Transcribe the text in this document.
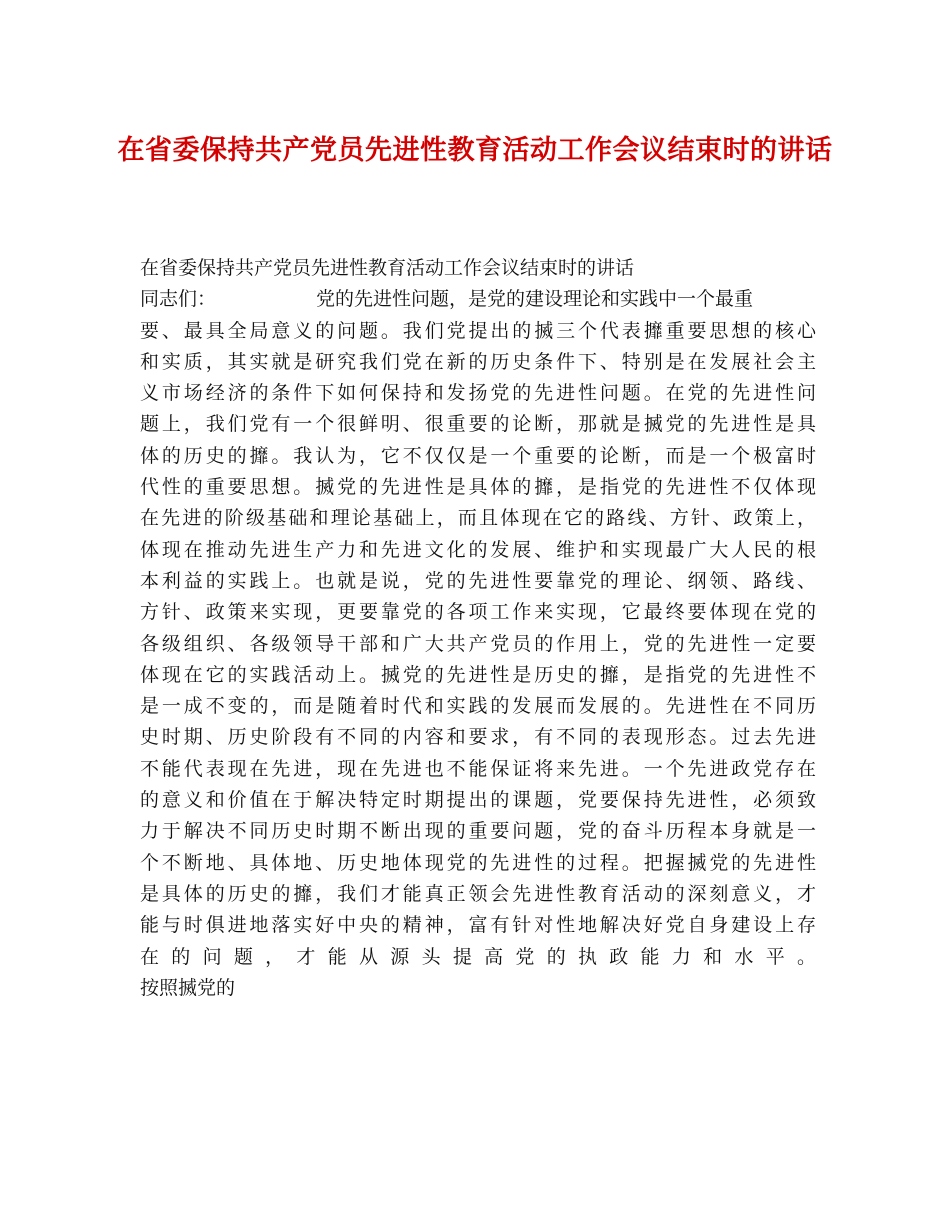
在省委保持共产党员先进性教育活动工作会议结束时的讲话
在省委保持共产党员先进性教育活动工作会议结束时的讲话
同志们：	党的先进性问题，是党的建设理论和实践中一个最重
要、最具全局意义的问题。我们党提出的搣三个代表攠重要思想的核心
和实质，其实就是研究我们党在新的历史条件下、特别是在发展社会主
义市场经济的条件下如何保持和发扬党的先进性问题。在党的先进性问
题上，我们党有一个很鲜明、很重要的论断，那就是搣党的先进性是具
体的历史的攠。我认为，它不仅仅是一个重要的论断，而是一个极富时
代性的重要思想。搣党的先进性是具体的攠，是指党的先进性不仅体现
在先进的阶级基础和理论基础上，而且体现在它的路线、方针、政策上，
体现在推动先进生产力和先进文化的发展、维护和实现最广大人民的根
本利益的实践上。也就是说，党的先进性要靠党的理论、纲领、路线、
方针、政策来实现，更要靠党的各项工作来实现，它最终要体现在党的
各级组织、各级领导干部和广大共产党员的作用上，党的先进性一定要
体现在它的实践活动上。搣党的先进性是历史的攠，是指党的先进性不
是一成不变的，而是随着时代和实践的发展而发展的。先进性在不同历
史时期、历史阶段有不同的内容和要求，有不同的表现形态。过去先进
不能代表现在先进，现在先进也不能保证将来先进。一个先进政党存在
的意义和价值在于解决特定时期提出的课题，党要保持先进性，必须致
力于解决不同历史时期不断出现的重要问题，党的奋斗历程本身就是一
个不断地、具体地、历史地体现党的先进性的过程。把握搣党的先进性
是具体的历史的攠，我们才能真正领会先进性教育活动的深刻意义，才
能与时俱进地落实好中央的精神，富有针对性地解决好党自身建设上存
在的问题，才能从源头提高党的执政能力和水平。
按照搣党的
